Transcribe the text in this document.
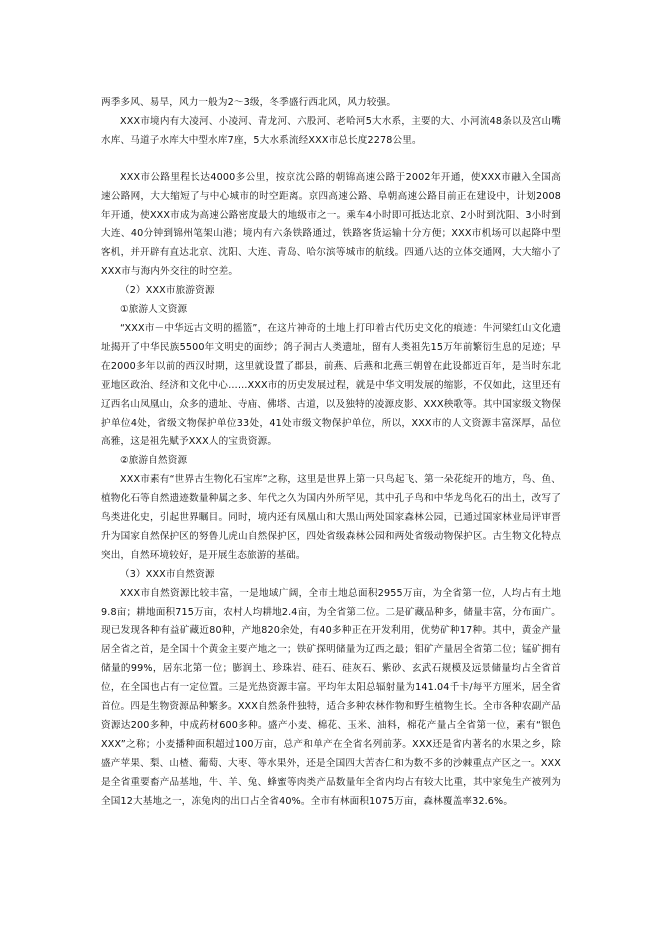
两季多风、易旱，风力一般为2～3级，冬季盛行西北风，风力较强。

XXX市境内有大凌河、小凌河、青龙河、六股河、老哈河5大水系，主要的大、小河流48条以及宫山嘴水库、马道子水库大中型水库7座，5大水系流经XXX市总长度2278公里。

XXX市公路里程长达4000多公里，按京沈公路的朝锦高速公路于2002年开通，使XXX市融入全国高速公路网，大大缩短了与中心城市的时空距离。京四高速公路、阜朝高速公路目前正在建设中，计划2008年开通，使XXX市成为高速公路密度最大的地级市之一。乘车4小时即可抵达北京、2小时到沈阳、3小时到大连、40分钟到锦州笔架山港；境内有六条铁路通过，铁路客货运输十分方便；XXX市机场可以起降中型客机，并开辟有直达北京、沈阳、大连、青岛、哈尔滨等城市的航线。四通八达的立体交通网，大大缩小了XXX市与海内外交往的时空差。

（2）XXX市旅游资源

①旅游人文资源

“XXX市－中华远古文明的摇篮”，在这片神奇的土地上打印着古代历史文化的痕迹：牛河梁红山文化遗址揭开了中华民族5500年文明史的面纱；鸽子洞古人类遗址，留有人类祖先15万年前繁衍生息的足迹；早在2000多年以前的西汉时期，这里就设置了郡县，前燕、后燕和北燕三朝曾在此设都近百年，是当时东北亚地区政治、经济和文化中心……XXX市的历史发展过程，就是中华文明发展的缩影，不仅如此，这里还有辽西名山凤凰山，众多的遗址、寺庙、佛塔、古道，以及独特的凌源皮影、XXX秧歌等。其中国家级文物保护单位4处，省级文物保护单位33处，41处市级文物保护单位，所以，XXX市的人文资源丰富深厚，品位高雅，这是祖先赋予XXX人的宝贵资源。

②旅游自然资源

XXX市素有“世界古生物化石宝库”之称，这里是世界上第一只鸟起飞、第一朵花绽开的地方，鸟、鱼、植物化石等自然遗迹数量种属之多、年代之久为国内外所罕见，其中孔子鸟和中华龙鸟化石的出土，改写了鸟类进化史，引起世界瞩目。同时，境内还有凤凰山和大黑山两处国家森林公园，已通过国家林业局评审晋升为国家自然保护区的努鲁儿虎山自然保护区，四处省级森林公园和两处省级动物保护区。古生物文化特点突出，自然环境较好，是开展生态旅游的基础。

（3）XXX市自然资源

XXX市自然资源比较丰富，一是地域广阔，全市土地总面积2955万亩，为全省第一位，人均占有土地9.8亩；耕地面积715万亩，农村人均耕地2.4亩，为全省第二位。二是矿藏品种多，储量丰富，分布面广。现已发现各种有益矿藏近80种，产地820余处，有40多种正在开发利用，优势矿种17种。其中，黄金产量居全省之首，是全国十个黄金主要产地之一；铁矿探明储量为辽西之最；钼矿产量居全省第二位；锰矿拥有储量的99%，居东北第一位；膨润土、珍珠岩、硅石、硅灰石、紫砂、玄武石规模及远景储量均占全省首位，在全国也占有一定位置。三是光热资源丰富。平均年太阳总辐射量为141.04千卡/每平方厘米，居全省首位。四是生物资源品种繁多。XXX自然条件独特，适合多种农林作物和野生植物生长。全市各种农副产品资源达200多种，中成药材600多种。盛产小麦、棉花、玉米、油料，棉花产量占全省第一位，素有“银色XXX”之称；小麦播种面积超过100万亩，总产和单产在全省名列前茅。XXX还是省内著名的水果之乡，除盛产苹果、梨、山楂、葡萄、大枣、等水果外，还是全国四大苦杏仁和为数不多的沙棘重点产区之一。XXX是全省重要畜产品基地，牛、羊、兔、蜂蜜等肉类产品数量年全省内均占有较大比重，其中家兔生产被列为全国12大基地之一，冻兔肉的出口占全省40%。全市有林面积1075万亩，森林覆盖率32.6%。
